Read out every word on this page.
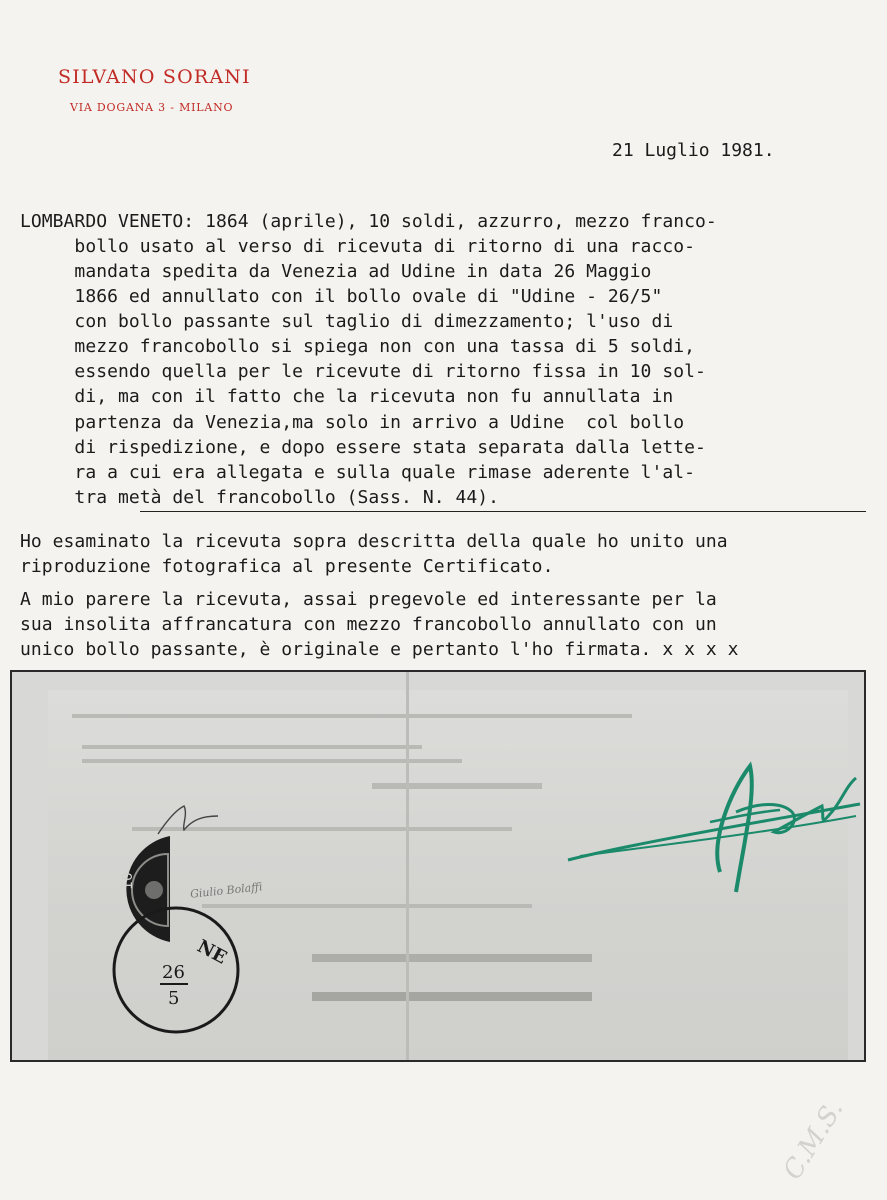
SILVANO SORANI
VIA DOGANA 3 - MILANO
21 Luglio 1981.
LOMBARDO VENETO: 1864 (aprile), 10 soldi, azzurro, mezzo franco-
bollo usato al verso di ricevuta di ritorno di una racco-
mandata spedita da Venezia ad Udine in data 26 Maggio
1866 ed annullato con il bollo ovale di "Udine - 26/5"
con bollo passante sul taglio di dimezzamento; l'uso di
mezzo francobollo si spiega non con una tassa di 5 soldi,
essendo quella per le ricevute di ritorno fissa in 10 sol-
di, ma con il fatto che la ricevuta non fu annullata in
partenza da Venezia,ma solo in arrivo a Udine  col bollo
di rispedizione, e dopo essere stata separata dalla lette-
ra a cui era allegata e sulla quale rimase aderente l'al-
tra metà del francobollo (Sass. N. 44).
Ho esaminato la ricevuta sopra descritta della quale ho unito una
riproduzione fotografica al presente Certificato.
A mio parere la ricevuta, assai pregevole ed interessante per la
sua insolita affrancatura con mezzo francobollo annullato con un
unico bollo passante, è originale e pertanto l'ho firmata. x x x x
10
NE
26
5
Giulio Bolaffi
C.M.S.
